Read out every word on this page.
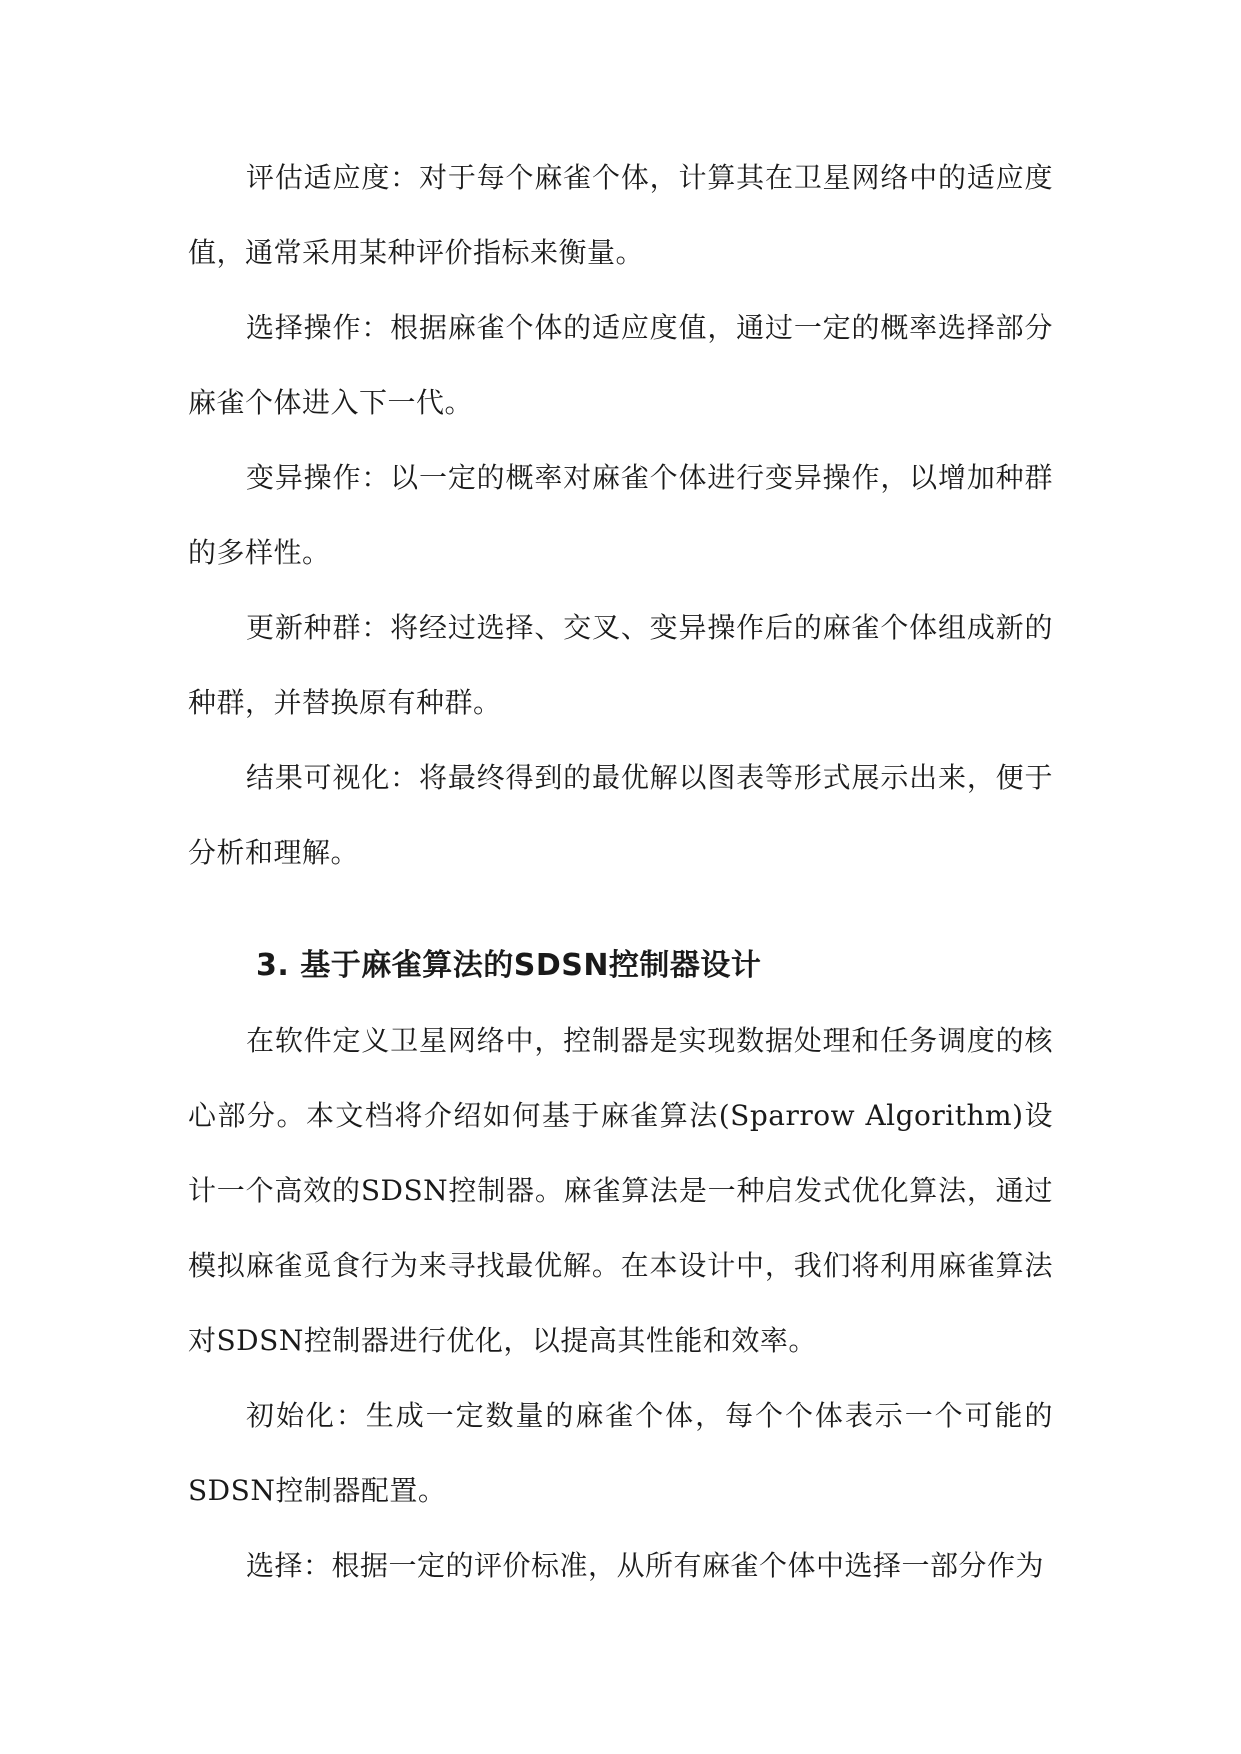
评估适应度：对于每个麻雀个体，计算其在卫星网络中的适应度值，通常采用某种评价指标来衡量。

选择操作：根据麻雀个体的适应度值，通过一定的概率选择部分麻雀个体进入下一代。

变异操作：以一定的概率对麻雀个体进行变异操作，以增加种群的多样性。

更新种群：将经过选择、交叉、变异操作后的麻雀个体组成新的种群，并替换原有种群。

结果可视化：将最终得到的最优解以图表等形式展示出来，便于分析和理解。

3. 基于麻雀算法的SDSN控制器设计

在软件定义卫星网络中，控制器是实现数据处理和任务调度的核心部分。本文档将介绍如何基于麻雀算法(Sparrow Algorithm)设计一个高效的SDSN控制器。麻雀算法是一种启发式优化算法，通过模拟麻雀觅食行为来寻找最优解。在本设计中，我们将利用麻雀算法对SDSN控制器进行优化，以提高其性能和效率。

初始化：生成一定数量的麻雀个体，每个个体表示一个可能的SDSN控制器配置。

选择：根据一定的评价标准，从所有麻雀个体中选择一部分作为
